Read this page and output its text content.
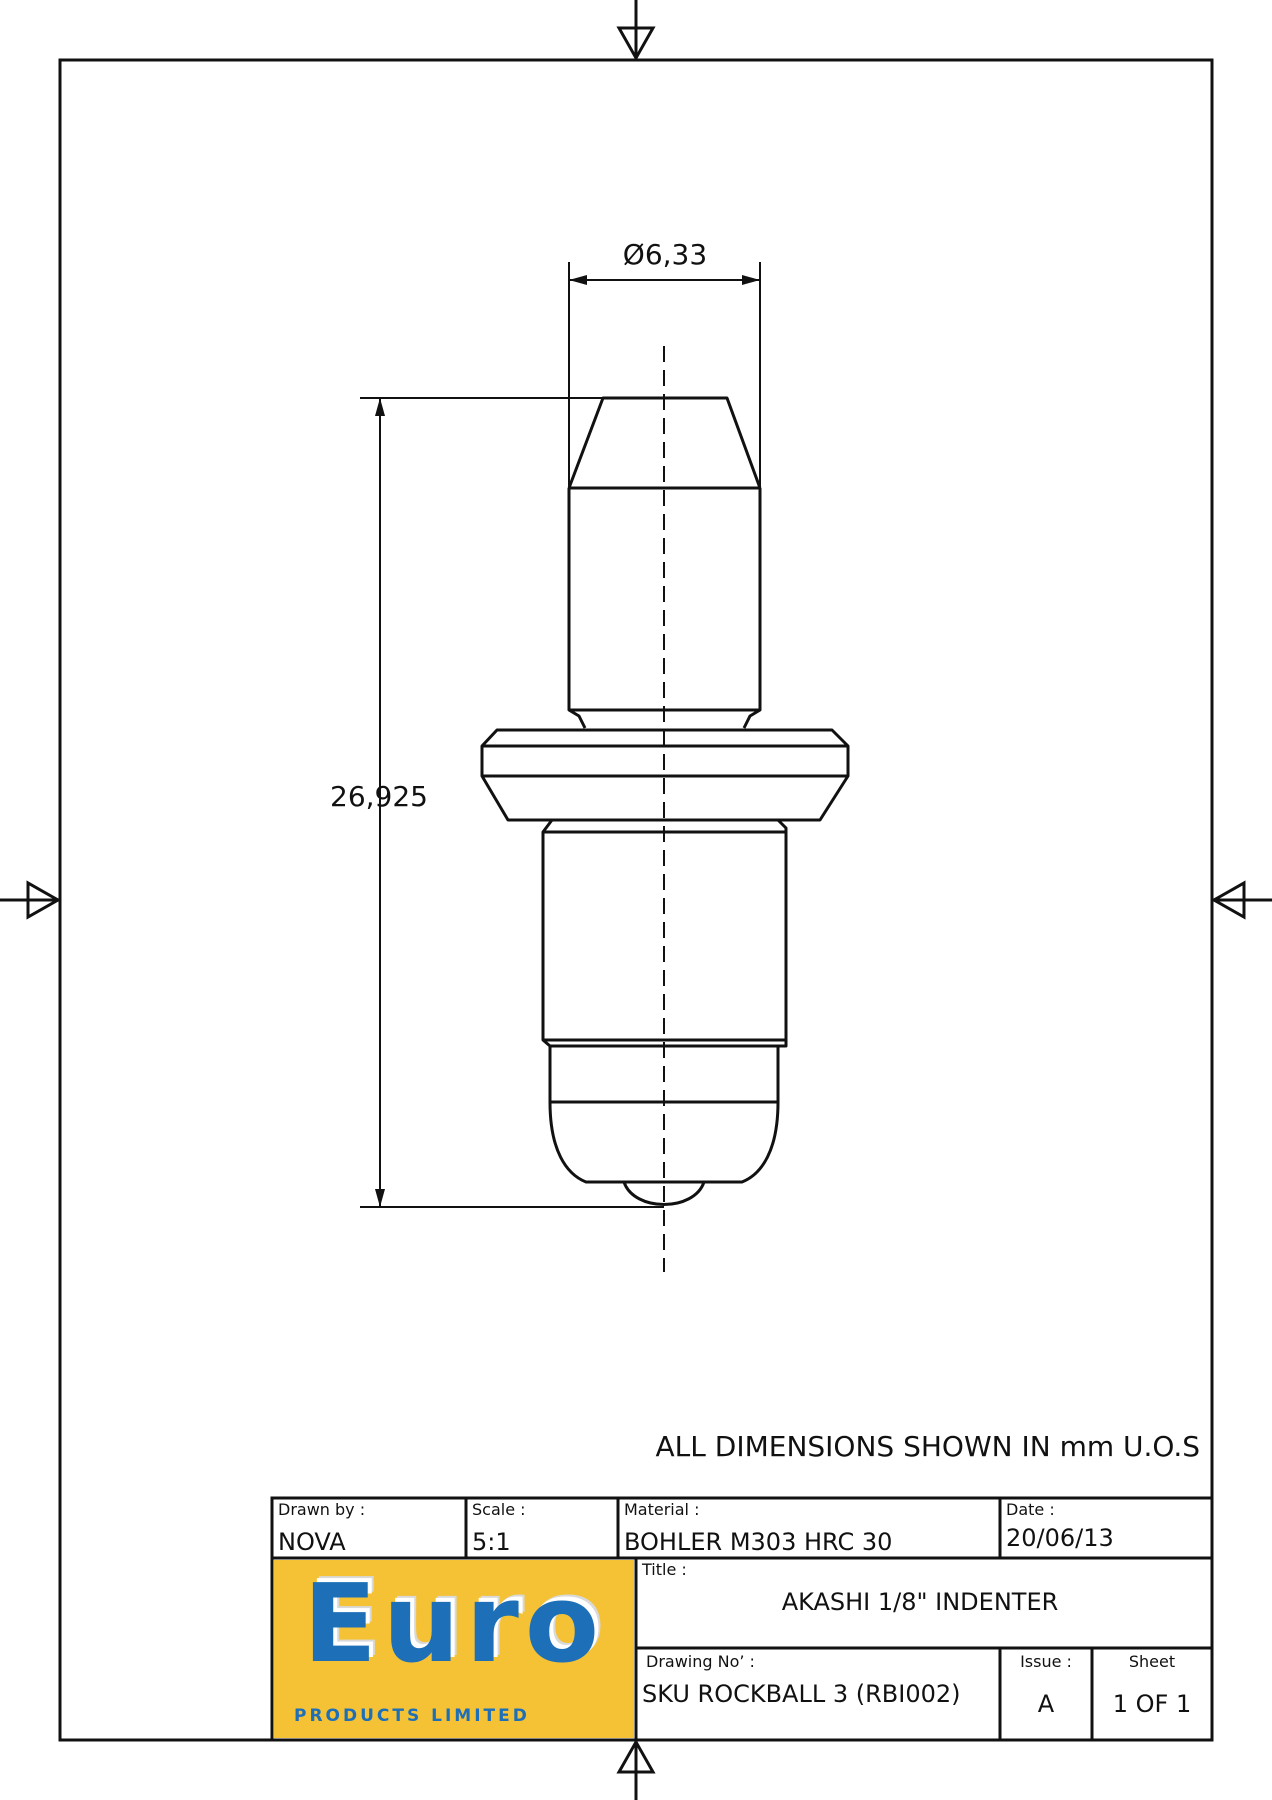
Ø6,33
26,925
ALL DIMENSIONS SHOWN IN mm U.O.S
Drawn by :
NOVA
Scale :
5:1
Material :
BOHLER M303 HRC 30
Date :
20/06/13
Title :
AKASHI 1/8" INDENTER
Drawing No’ :
SKU ROCKBALL 3 (RBI002)
Issue :
A
Sheet
1 OF 1
Euro
PRODUCTS LIMITED
